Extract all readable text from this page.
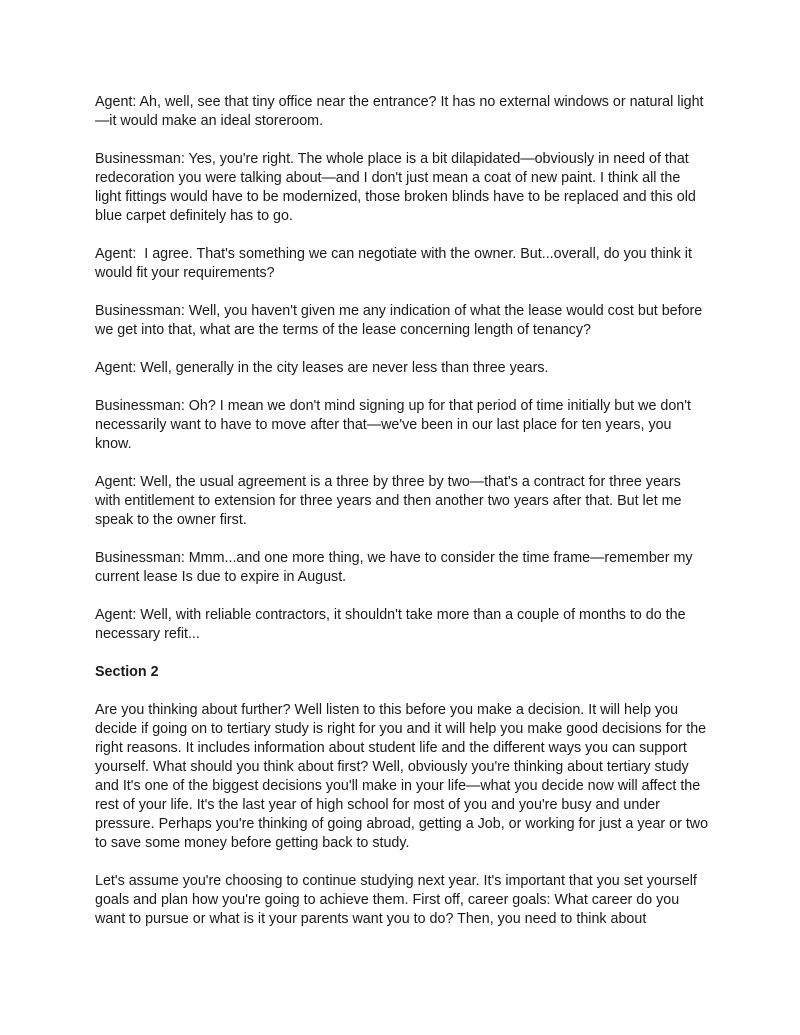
Agent: Ah, well, see that tiny office near the entrance? It has no external windows or natural light—it would make an ideal storeroom.

Businessman: Yes, you're right. The whole place is a bit dilapidated—obviously in need of that redecoration you were talking about—and I don't just mean a coat of new paint. I think all the light fittings would have to be modernized, those broken blinds have to be replaced and this old blue carpet definitely has to go.

Agent:  I agree. That's something we can negotiate with the owner. But...overall, do you think it would fit your requirements?

Businessman: Well, you haven't given me any indication of what the lease would cost but before we get into that, what are the terms of the lease concerning length of tenancy?

Agent: Well, generally in the city leases are never less than three years.

Businessman: Oh? I mean we don't mind signing up for that period of time initially but we don't necessarily want to have to move after that—we've been in our last place for ten years, you know.

Agent: Well, the usual agreement is a three by three by two—that's a contract for three years with entitlement to extension for three years and then another two years after that. But let me speak to the owner first.

Businessman: Mmm...and one more thing, we have to consider the time frame—remember my current lease Is due to expire in August.

Agent: Well, with reliable contractors, it shouldn't take more than a couple of months to do the necessary refit...

Section 2

Are you thinking about further? Well listen to this before you make a decision. It will help you decide if going on to tertiary study is right for you and it will help you make good decisions for the right reasons. It includes information about student life and the different ways you can support yourself. What should you think about first? Well, obviously you're thinking about tertiary study and It's one of the biggest decisions you'll make in your life—what you decide now will affect the rest of your life. It's the last year of high school for most of you and you're busy and under pressure. Perhaps you're thinking of going abroad, getting a Job, or working for just a year or two to save some money before getting back to study.

Let's assume you're choosing to continue studying next year. It's important that you set yourself goals and plan how you're going to achieve them. First off, career goals: What career do you want to pursue or what is it your parents want you to do? Then, you need to think about
